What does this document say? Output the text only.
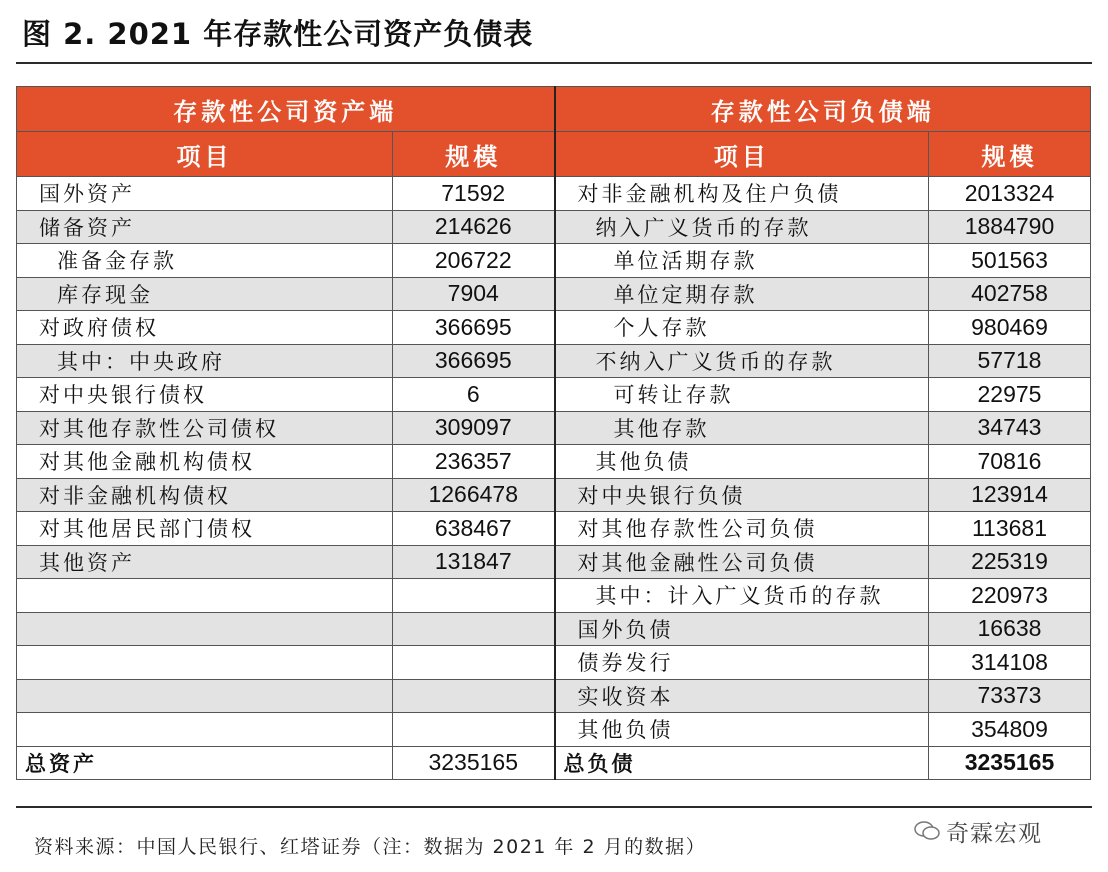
图 2. 2021 年存款性公司资产负债表
存款性公司资产端		存款性公司负债端	
项目	规模	项目	规模
国外资产	71592	对非金融机构及住户负债	2013324
储备资产	214626	纳入广义货币的存款	1884790
准备金存款	206722	单位活期存款	501563
库存现金	7904	单位定期存款	402758
对政府债权	366695	个人存款	980469
其中：中央政府	366695	不纳入广义货币的存款	57718
对中央银行债权	6	可转让存款	22975
对其他存款性公司债权	309097	其他存款	34743
对其他金融机构债权	236357	其他负债	70816
对非金融机构债权	1266478	对中央银行负债	123914
对其他居民部门债权	638467	对其他存款性公司负债	113681
其他资产	131847	对其他金融性公司负债	225319
		其中：计入广义货币的存款	220973
		国外负债	16638
		债券发行	314108
		实收资本	73373
		其他负债	354809
总资产	3235165	总负债	3235165
资料来源：中国人民银行、红塔证券（注：数据为 2021 年 2 月的数据）	奇霖宏观
